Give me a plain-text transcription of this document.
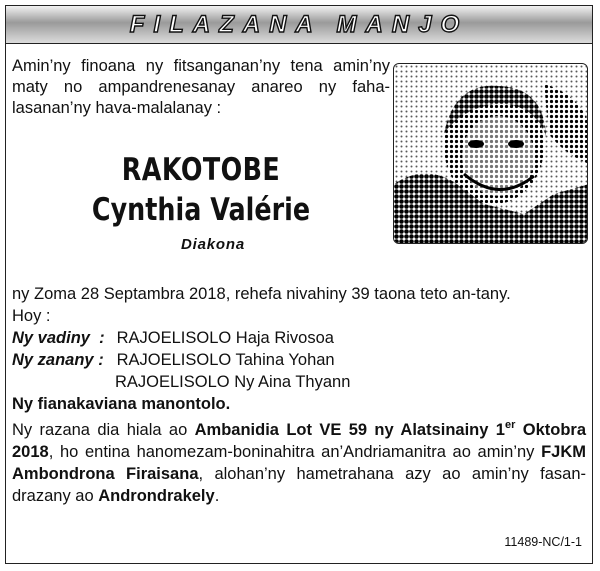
FILAZANA MANJO
Amin’ny finoana ny fitsanganan’ny tena amin’ny maty no ampandrenesanay anareo ny faha-lasanan’ny hava-malalanay :
RAKOTOBE
Cynthia Valérie
Diakona
ny Zoma 28 Septambra 2018, rehefa nivahiny 39 taona teto an-tany.
Hoy :
Ny vadiny : RAJOELISOLO Haja Rivosoa
Ny zanany : RAJOELISOLO Tahina Yohan
RAJOELISOLO Ny Aina Thyann
Ny fianakaviana manontolo.
Ny razana dia hiala ao Ambanidia Lot VE 59 ny Alatsinainy 1er Oktobra 2018, ho entina hanomezam-boninahitra an’Andriamanitra ao amin’ny FJKM Ambondrona Firaisana, alohan’ny hametrahana azy ao amin’ny fasan-drazany ao Androndrakely.
11489-NC/1-1
